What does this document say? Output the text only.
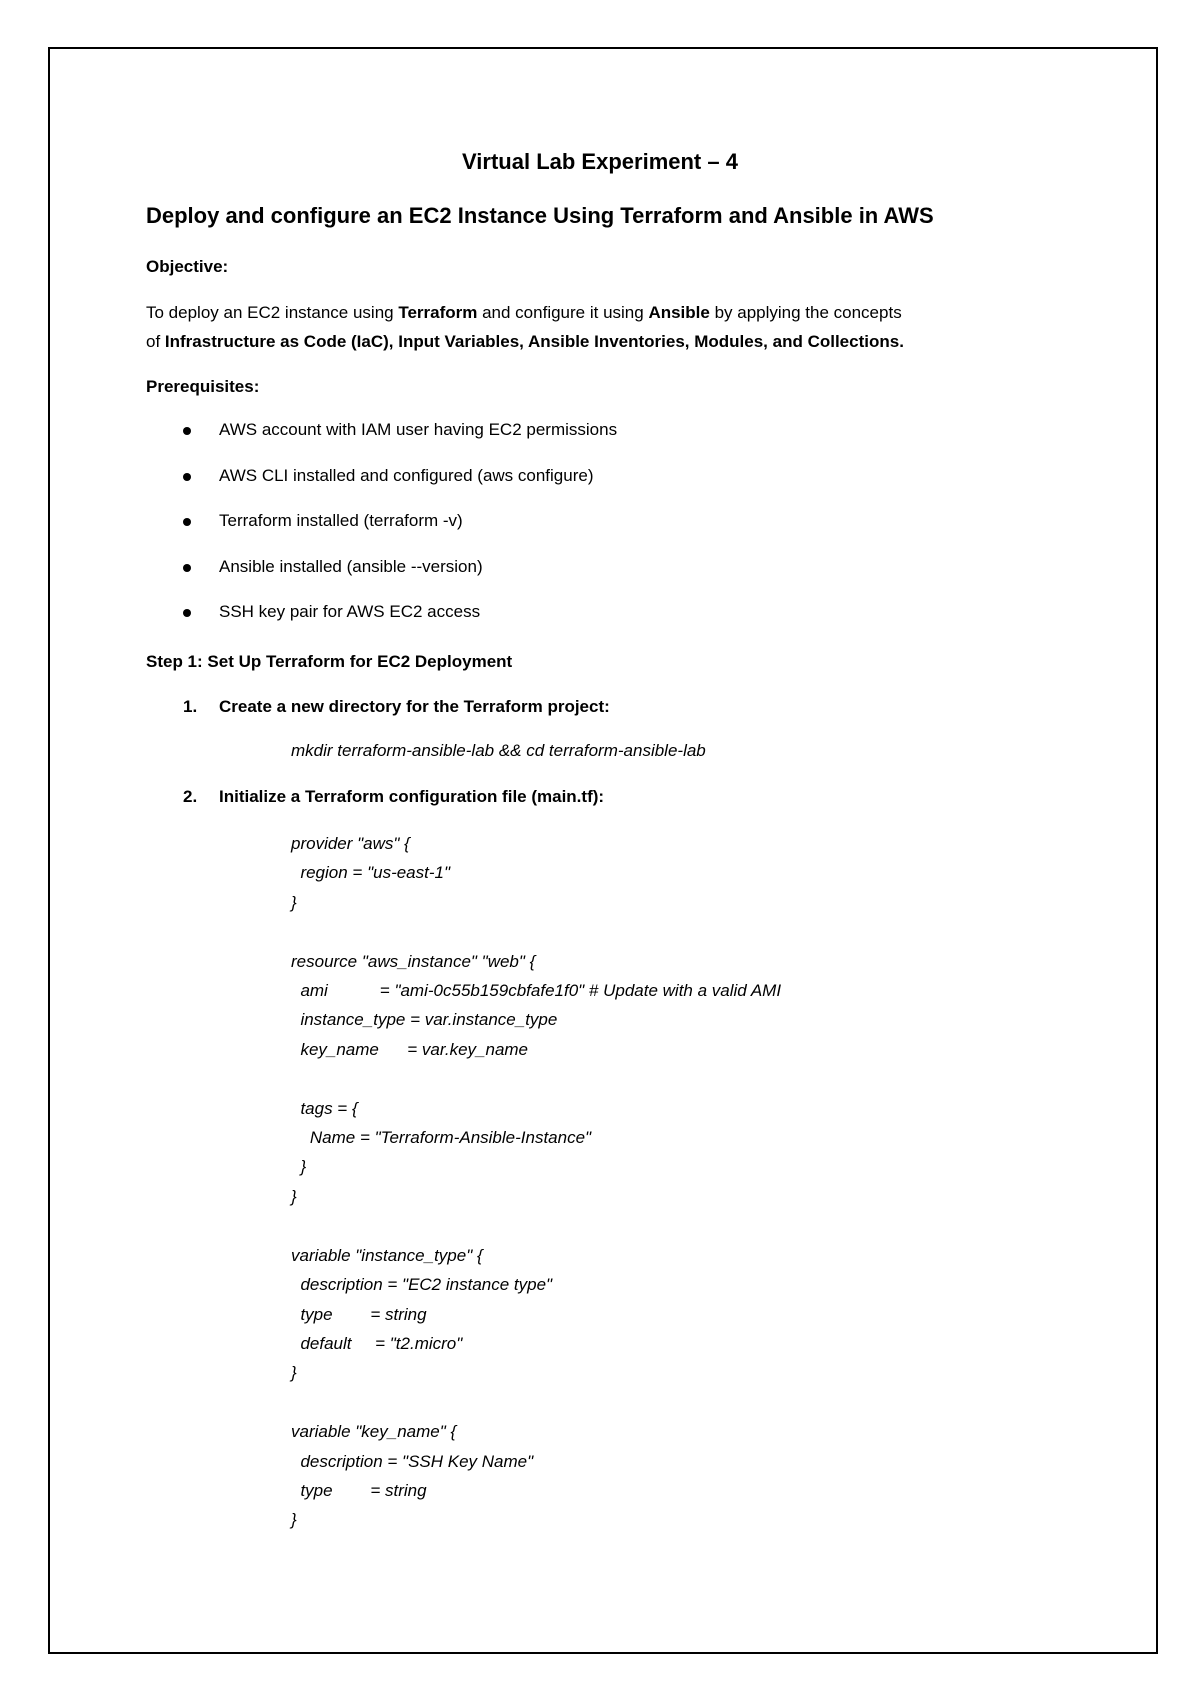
Virtual Lab Experiment – 4
Deploy and configure an EC2 Instance Using Terraform and Ansible in AWS
Objective:
To deploy an EC2 instance using Terraform and configure it using Ansible by applying the concepts
of Infrastructure as Code (IaC), Input Variables, Ansible Inventories, Modules, and Collections.
Prerequisites:
AWS account with IAM user having EC2 permissions
AWS CLI installed and configured (aws configure)
Terraform installed (terraform -v)
Ansible installed (ansible --version)
SSH key pair for AWS EC2 access
Step 1: Set Up Terraform for EC2 Deployment
1.	Create a new directory for the Terraform project:
mkdir terraform-ansible-lab && cd terraform-ansible-lab
2.	Initialize a Terraform configuration file (main.tf):
provider "aws" {
region = "us-east-1"
}

resource "aws_instance" "web" {
ami           = "ami-0c55b159cbfafe1f0" # Update with a valid AMI
instance_type = var.instance_type
key_name      = var.key_name

tags = {
Name = "Terraform-Ansible-Instance"
}
}

variable "instance_type" {
description = "EC2 instance type"
type        = string
default     = "t2.micro"
}

variable "key_name" {
description = "SSH Key Name"
type        = string
}
